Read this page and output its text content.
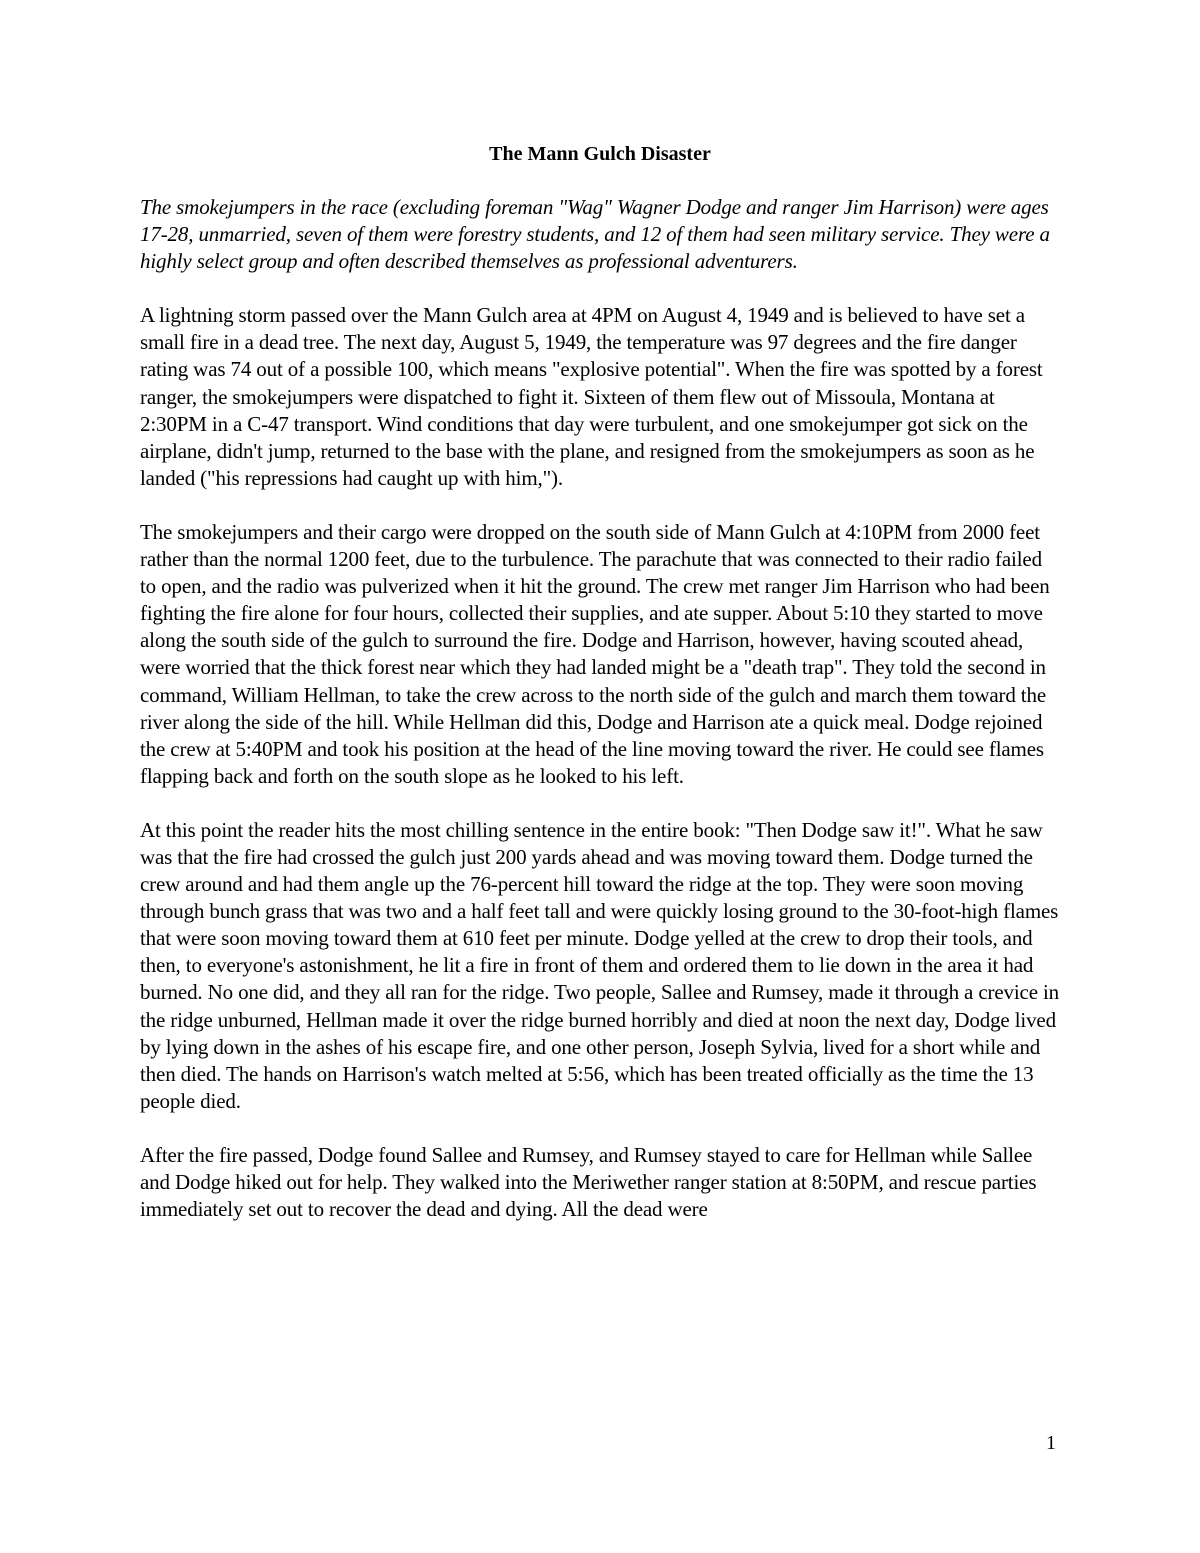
The Mann Gulch Disaster

The smokejumpers in the race (excluding foreman "Wag" Wagner Dodge and ranger Jim Harrison) were ages 17-28, unmarried, seven of them were forestry students, and 12 of them had seen military service. They were a highly select group and often described themselves as professional adventurers.

A lightning storm passed over the Mann Gulch area at 4PM on August 4, 1949 and is believed to have set a small fire in a dead tree. The next day, August 5, 1949, the temperature was 97 degrees and the fire danger rating was 74 out of a possible 100, which means "explosive potential". When the fire was spotted by a forest ranger, the smokejumpers were dispatched to fight it. Sixteen of them flew out of Missoula, Montana at 2:30PM in a C-47 transport. Wind conditions that day were turbulent, and one smokejumper got sick on the airplane, didn't jump, returned to the base with the plane, and resigned from the smokejumpers as soon as he landed ("his repressions had caught up with him,").

The smokejumpers and their cargo were dropped on the south side of Mann Gulch at 4:10PM from 2000 feet rather than the normal 1200 feet, due to the turbulence. The parachute that was connected to their radio failed to open, and the radio was pulverized when it hit the ground. The crew met ranger Jim Harrison who had been fighting the fire alone for four hours, collected their supplies, and ate supper. About 5:10 they started to move along the south side of the gulch to surround the fire. Dodge and Harrison, however, having scouted ahead, were worried that the thick forest near which they had landed might be a "death trap". They told the second in command, William Hellman, to take the crew across to the north side of the gulch and march them toward the river along the side of the hill. While Hellman did this, Dodge and Harrison ate a quick meal. Dodge rejoined the crew at 5:40PM and took his position at the head of the line moving toward the river. He could see flames flapping back and forth on the south slope as he looked to his left.

At this point the reader hits the most chilling sentence in the entire book: "Then Dodge saw it!". What he saw was that the fire had crossed the gulch just 200 yards ahead and was moving toward them. Dodge turned the crew around and had them angle up the 76-percent hill toward the ridge at the top. They were soon moving through bunch grass that was two and a half feet tall and were quickly losing ground to the 30-foot-high flames that were soon moving toward them at 610 feet per minute. Dodge yelled at the crew to drop their tools, and then, to everyone's astonishment, he lit a fire in front of them and ordered them to lie down in the area it had burned. No one did, and they all ran for the ridge. Two people, Sallee and Rumsey, made it through a crevice in the ridge unburned, Hellman made it over the ridge burned horribly and died at noon the next day, Dodge lived by lying down in the ashes of his escape fire, and one other person, Joseph Sylvia, lived for a short while and then died. The hands on Harrison's watch melted at 5:56, which has been treated officially as the time the 13 people died.

After the fire passed, Dodge found Sallee and Rumsey, and Rumsey stayed to care for Hellman while Sallee and Dodge hiked out for help. They walked into the Meriwether ranger station at 8:50PM, and rescue parties immediately set out to recover the dead and dying. All the dead were

1
